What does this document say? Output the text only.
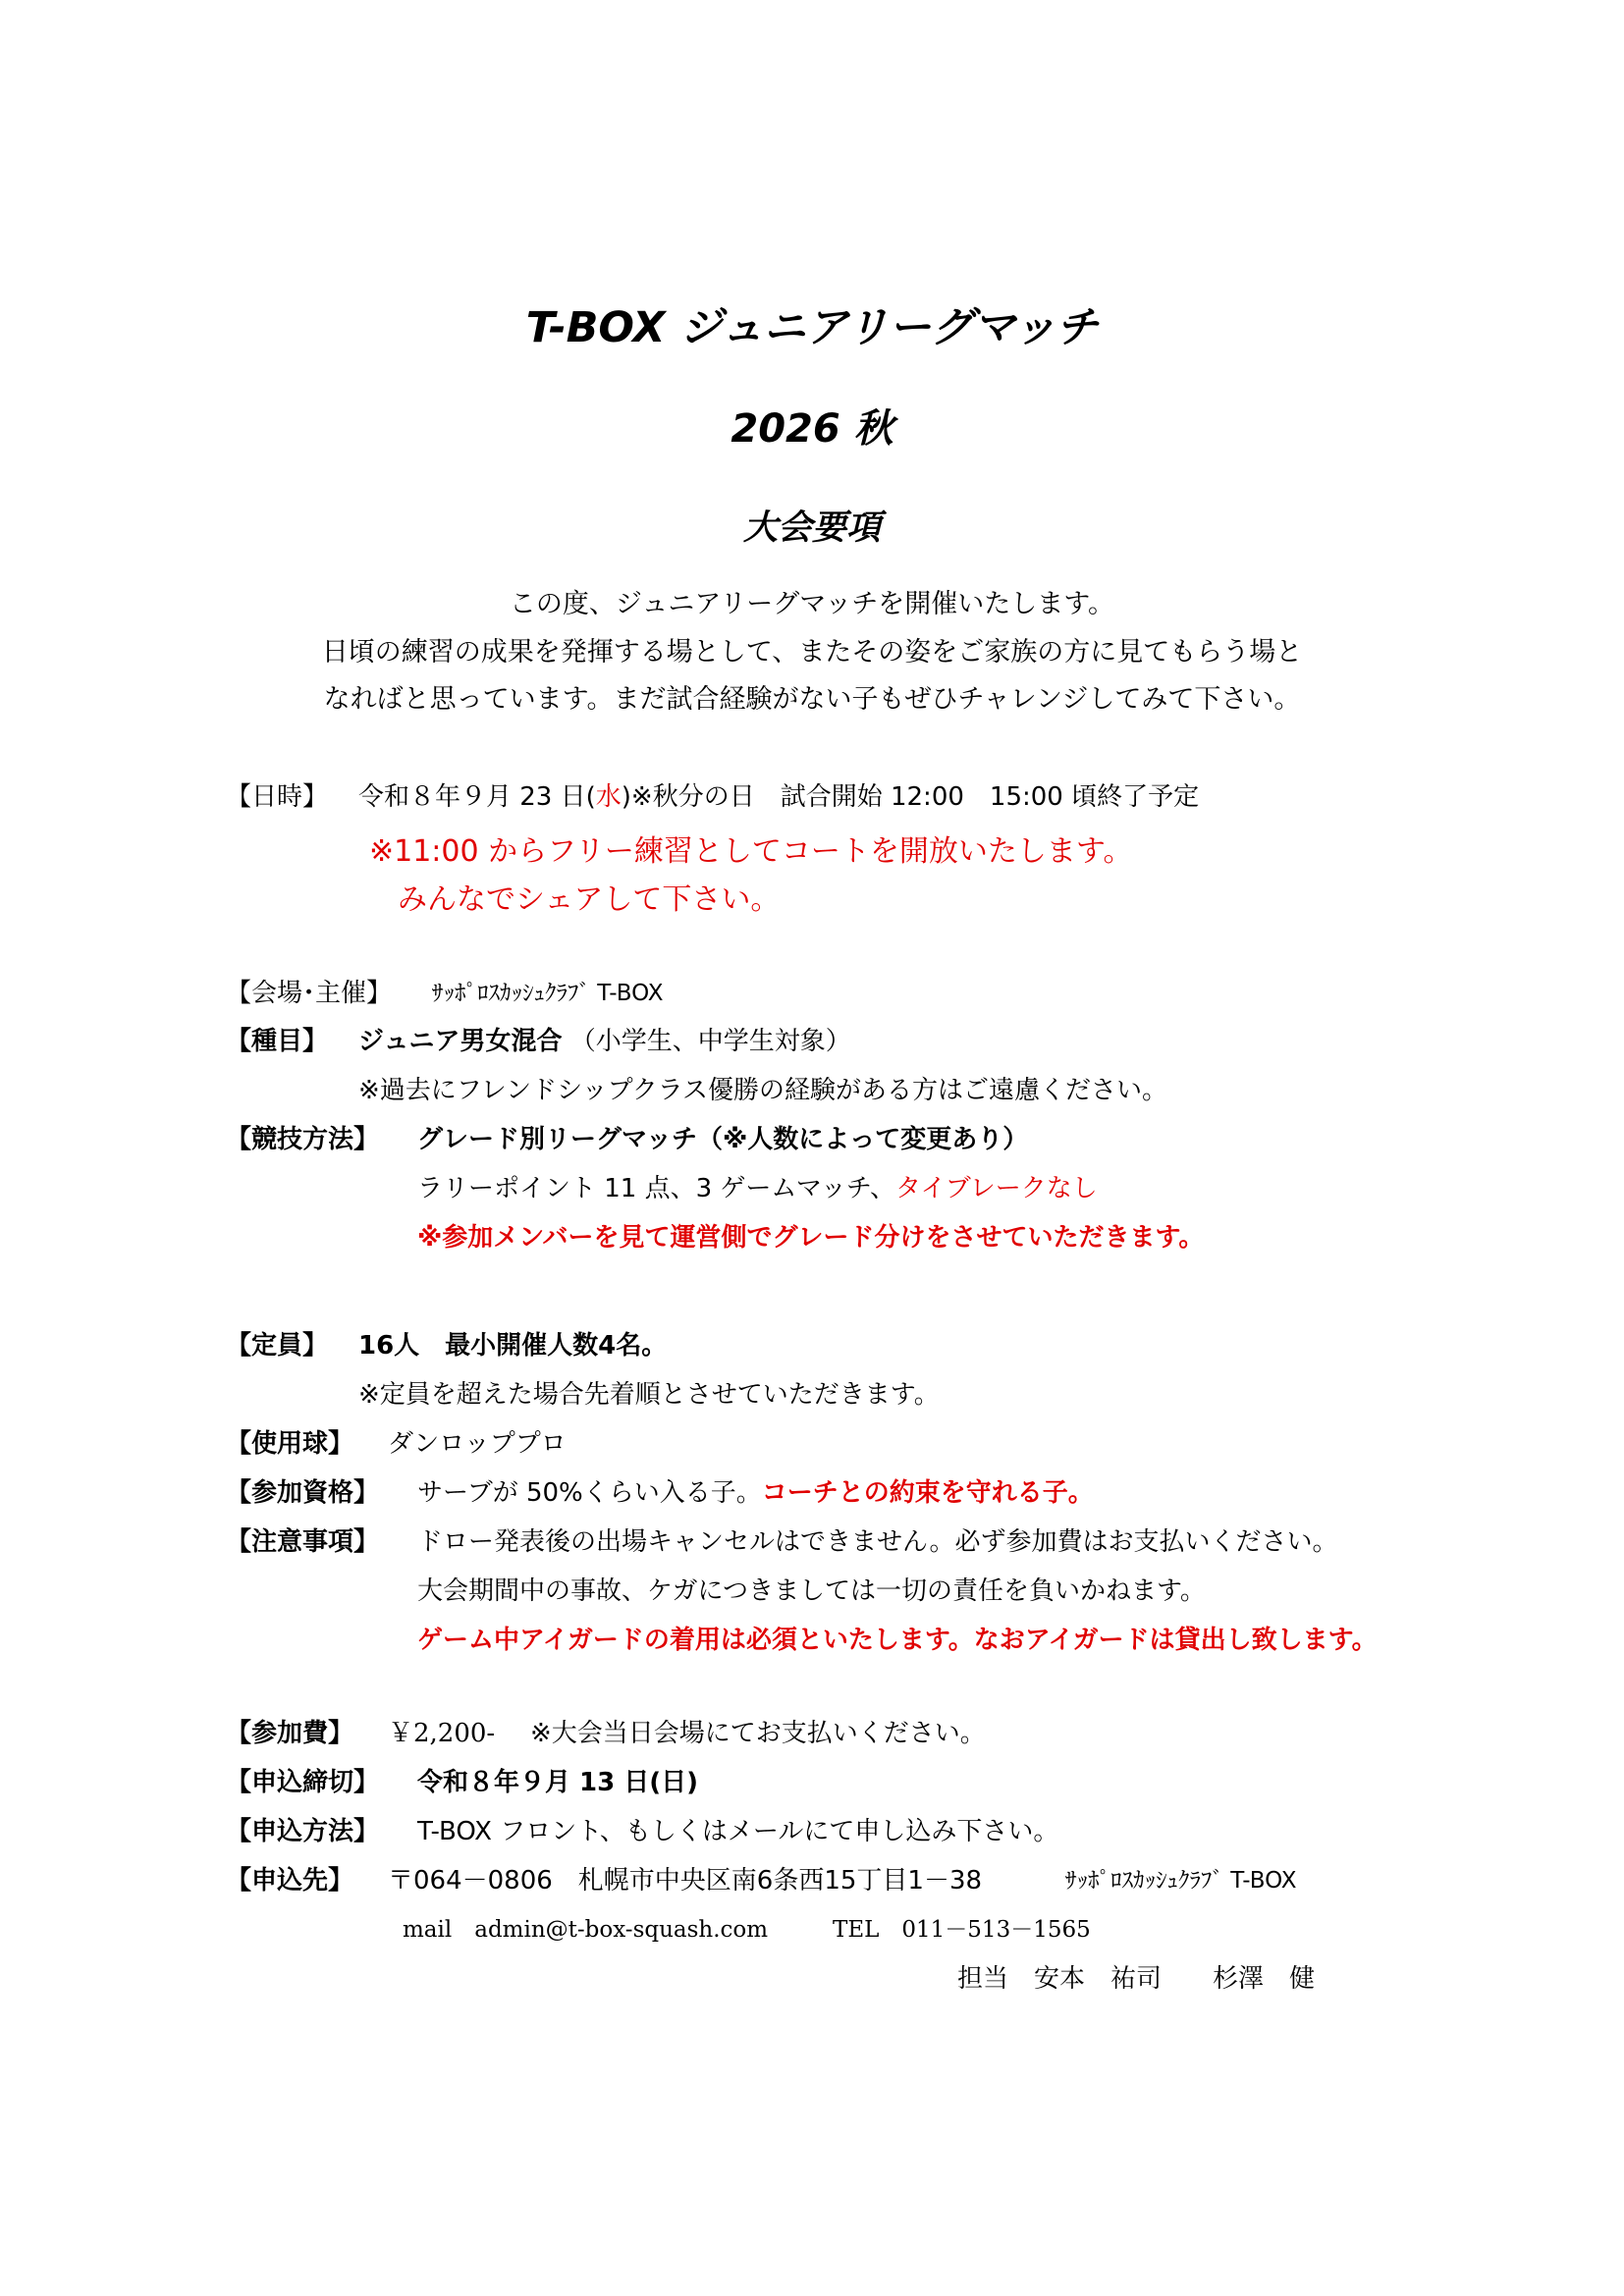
T-BOX ジュニアリーグマッチ
2026 秋
大会要項
この度、ジュニアリーグマッチを開催いたします。
日頃の練習の成果を発揮する場として、またその姿をご家族の方に見てもらう場と
なればと思っています。まだ試合経験がない子もぜひチャレンジしてみて下さい。
【日時】 令和８年９月 23 日(水)※秋分の日　試合開始 12:00　15:00 頃終了予定
※11:00 からフリー練習としてコートを開放いたします。
みんなでシェアして下さい。
【会場･主催】 ｻｯﾎﾟﾛｽｶｯｼｭｸﾗﾌﾞ T-BOX
【種目】 ジュニア男女混合 （小学生、中学生対象）
※過去にフレンドシップクラス優勝の経験がある方はご遠慮ください。
【競技方法】 グレード別リーグマッチ（※人数によって変更あり）
ラリーポイント 11 点、3 ゲームマッチ、タイブレークなし
※参加メンバーを見て運営側でグレード分けをさせていただきます。
【定員】 16人　最小開催人数4名。
※定員を超えた場合先着順とさせていただきます。
【使用球】 ダンロッププロ
【参加資格】 サーブが 50%くらい入る子。コーチとの約束を守れる子。
【注意事項】 ドロー発表後の出場キャンセルはできません。必ず参加費はお支払いください。
大会期間中の事故、ケガにつきましては一切の責任を負いかねます。
ゲーム中アイガードの着用は必須といたします。なおアイガードは貸出し致します。
【参加費】 ￥2,200- ※大会当日会場にてお支払いください。
【申込締切】 令和８年９月 13 日(日)
【申込方法】 T-BOX フロント、もしくはメールにて申し込み下さい。
【申込先】 〒064－0806　札幌市中央区南6条西15丁目1－38	ｻｯﾎﾟﾛｽｶｯｼｭｸﾗﾌﾞ T-BOX
mail　admin@t-box-squash.com	TEL　011－513－1565
担当　安本　祐司　　杉澤　健
